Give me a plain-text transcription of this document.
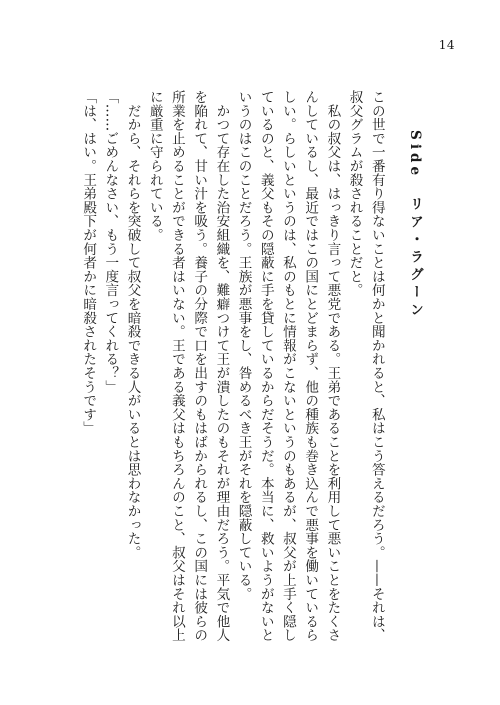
14
Side　リア・ラグーン
この世で一番有り得ないことは何かと聞かれると、私はこう答えるだろう。——それは、
叔父グラムが殺されることだと。
　私の叔父は、はっきり言って悪党である。王弟であることを利用して悪いことをたくさ
んしているし、最近ではこの国にとどまらず、他の種族も巻き込んで悪事を働いているら
しい。らしいというのは、私のもとに情報がこないというのもあるが、叔父が上手く隠し
ているのと、義父もその隠蔽に手を貸しているからだそうだ。本当に、救いようがないと
いうのはこのことだろう。王族が悪事をし、咎めるべき王がそれを隠蔽している。
　かつて存在した治安組織を、難癖つけて王が潰したのもそれが理由だろう。平気で他人
を陥れて、甘い汁を吸う。養子の分際で口を出すのもはばかられるし、この国には彼らの
所業を止めることができる者はいない。王である義父はもちろんのこと、叔父はそれ以上
に厳重に守られている。
　だから、それらを突破して叔父を暗殺できる人がいるとは思わなかった。
「……ごめんなさい、もう一度言ってくれる？」
「は、はい。王弟殿下が何者かに暗殺されたそうです」
